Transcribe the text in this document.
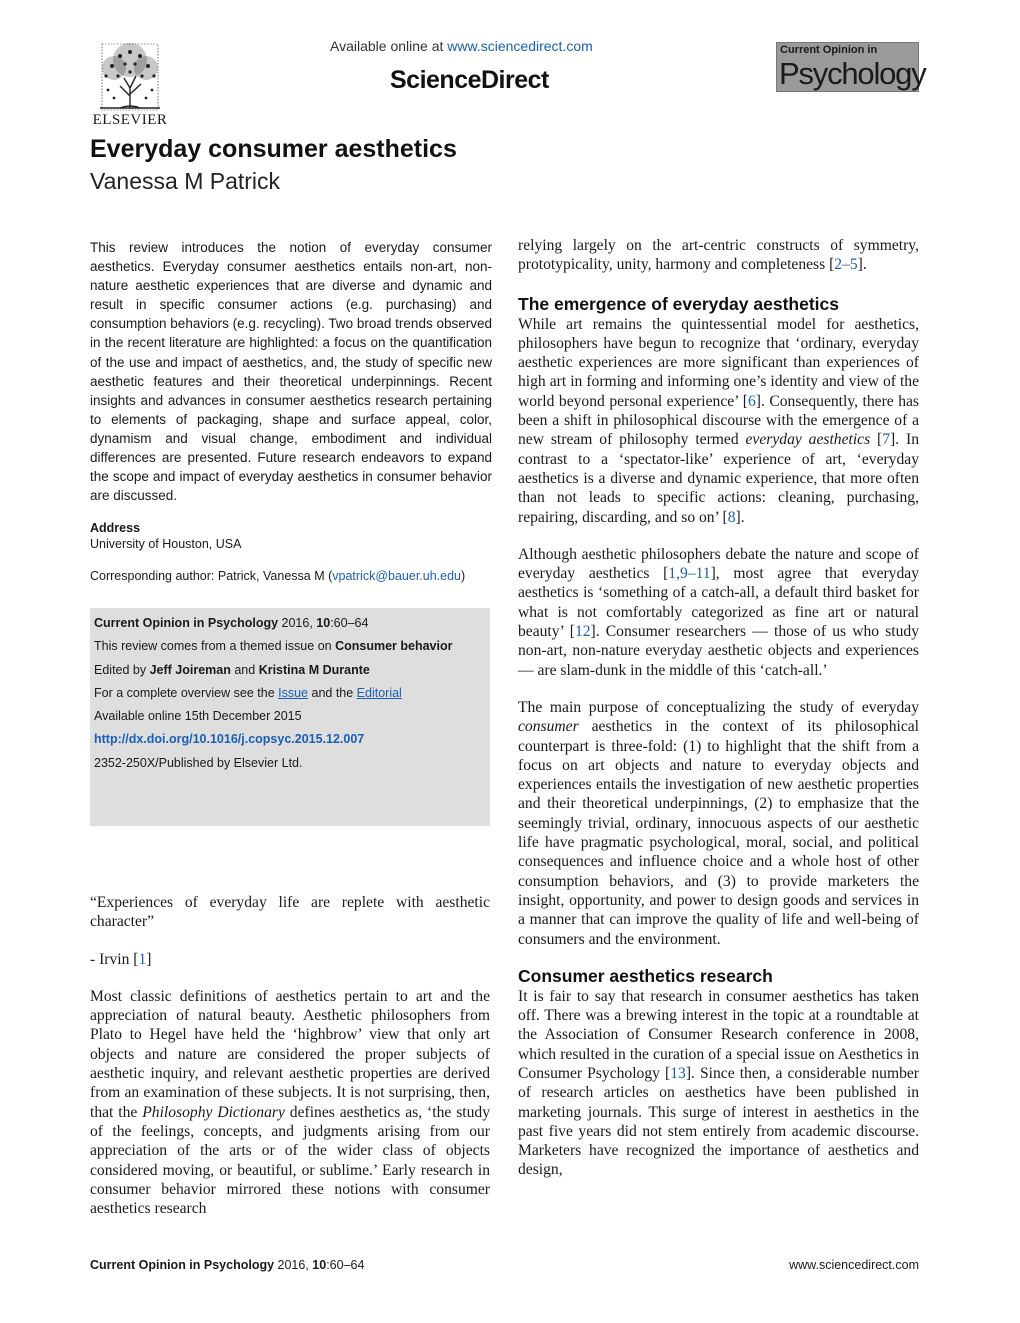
ELSEVIER
Available online at www.sciencedirect.com
ScienceDirect
Current Opinion in
Psychology
Everyday consumer aesthetics
Vanessa M Patrick

This review introduces the notion of everyday consumer aesthetics. Everyday consumer aesthetics entails non-art, non-nature aesthetic experiences that are diverse and dynamic and result in specific consumer actions (e.g. purchasing) and consumption behaviors (e.g. recycling). Two broad trends observed in the recent literature are highlighted: a focus on the quantification of the use and impact of aesthetics, and, the study of specific new aesthetic features and their theoretical underpinnings. Recent insights and advances in consumer aesthetics research pertaining to elements of packaging, shape and surface appeal, color, dynamism and visual change, embodiment and individual differences are presented. Future research endeavors to expand the scope and impact of everyday aesthetics in consumer behavior are discussed.

Address
University of Houston, USA
Corresponding author: Patrick, Vanessa M (vpatrick@bauer.uh.edu)
Current Opinion in Psychology 2016, 10:60–64
This review comes from a themed issue on Consumer behavior
Edited by Jeff Joireman and Kristina M Durante
For a complete overview see the Issue and the Editorial
Available online 15th December 2015
http://dx.doi.org/10.1016/j.copsyc.2015.12.007
2352-250X/Published by Elsevier Ltd.

“Experiences of everyday life are replete with aesthetic character”

- Irvin [1]

Most classic definitions of aesthetics pertain to art and the appreciation of natural beauty. Aesthetic philosophers from Plato to Hegel have held the ‘highbrow’ view that only art objects and nature are considered the proper subjects of aesthetic inquiry, and relevant aesthetic properties are derived from an examination of these subjects. It is not surprising, then, that the Philosophy Dictionary defines aesthetics as, ‘the study of the feelings, concepts, and judgments arising from our appreciation of the arts or of the wider class of objects considered moving, or beautiful, or sublime.’ Early research in consumer behavior mirrored these notions with consumer aesthetics research

relying largely on the art-centric constructs of symmetry, prototypicality, unity, harmony and completeness [2–5].

The emergence of everyday aesthetics

While art remains the quintessential model for aesthetics, philosophers have begun to recognize that ‘ordinary, everyday aesthetic experiences are more significant than experiences of high art in forming and informing one’s identity and view of the world beyond personal experience’ [6]. Consequently, there has been a shift in philosophical discourse with the emergence of a new stream of philosophy termed everyday aesthetics [7]. In contrast to a ‘spectator-like’ experience of art, ‘everyday aesthetics is a diverse and dynamic experience, that more often than not leads to specific actions: cleaning, purchasing, repairing, discarding, and so on’ [8].

Although aesthetic philosophers debate the nature and scope of everyday aesthetics [1,9–11], most agree that everyday aesthetics is ‘something of a catch-all, a default third basket for what is not comfortably categorized as fine art or natural beauty’ [12]. Consumer researchers — those of us who study non-art, non-nature everyday aesthetic objects and experiences — are slam-dunk in the middle of this ‘catch-all.’

The main purpose of conceptualizing the study of everyday consumer aesthetics in the context of its philosophical counterpart is three-fold: (1) to highlight that the shift from a focus on art objects and nature to everyday objects and experiences entails the investigation of new aesthetic properties and their theoretical underpinnings, (2) to emphasize that the seemingly trivial, ordinary, innocuous aspects of our aesthetic life have pragmatic psychological, moral, social, and political consequences and influence choice and a whole host of other consumption behaviors, and (3) to provide marketers the insight, opportunity, and power to design goods and services in a manner that can improve the quality of life and well-being of consumers and the environment.

Consumer aesthetics research

It is fair to say that research in consumer aesthetics has taken off. There was a brewing interest in the topic at a roundtable at the Association of Consumer Research conference in 2008, which resulted in the curation of a special issue on Aesthetics in Consumer Psychology [13]. Since then, a considerable number of research articles on aesthetics have been published in marketing journals. This surge of interest in aesthetics in the past five years did not stem entirely from academic discourse. Marketers have recognized the importance of aesthetics and design,

Current Opinion in Psychology 2016, 10:60–64	www.sciencedirect.com
